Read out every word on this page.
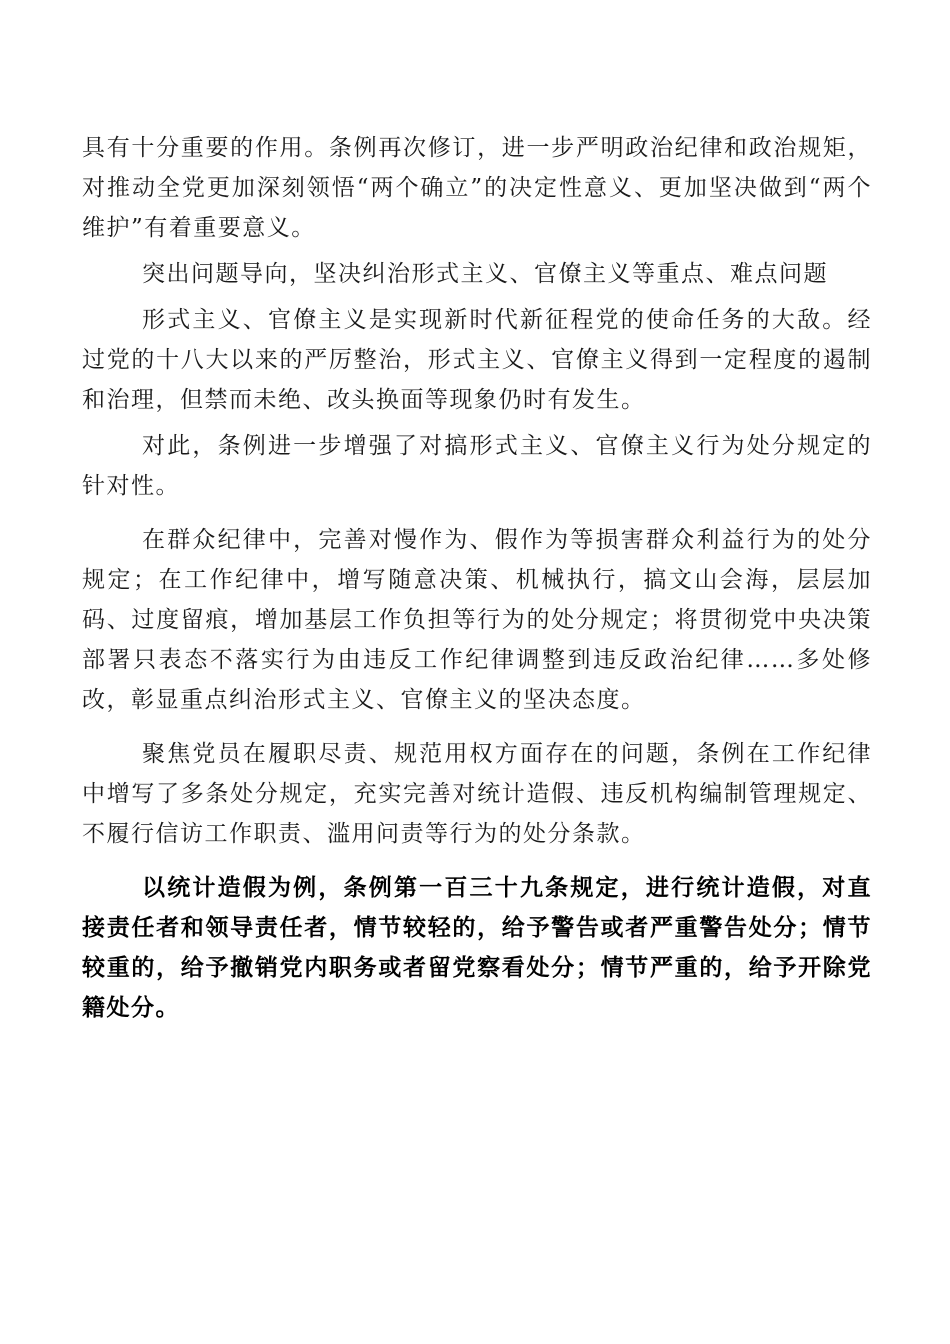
具有十分重要的作用。条例再次修订，进一步严明政治纪律和政治规矩，对推动全党更加深刻领悟“两个确立”的决定性意义、更加坚决做到“两个维护”有着重要意义。

突出问题导向，坚决纠治形式主义、官僚主义等重点、难点问题

形式主义、官僚主义是实现新时代新征程党的使命任务的大敌。经过党的十八大以来的严厉整治，形式主义、官僚主义得到一定程度的遏制和治理，但禁而未绝、改头换面等现象仍时有发生。

对此，条例进一步增强了对搞形式主义、官僚主义行为处分规定的针对性。

在群众纪律中，完善对慢作为、假作为等损害群众利益行为的处分规定；在工作纪律中，增写随意决策、机械执行，搞文山会海，层层加码、过度留痕，增加基层工作负担等行为的处分规定；将贯彻党中央决策部署只表态不落实行为由违反工作纪律调整到违反政治纪律……多处修改，彰显重点纠治形式主义、官僚主义的坚决态度。

聚焦党员在履职尽责、规范用权方面存在的问题，条例在工作纪律中增写了多条处分规定，充实完善对统计造假、违反机构编制管理规定、不履行信访工作职责、滥用问责等行为的处分条款。

以统计造假为例，条例第一百三十九条规定，进行统计造假，对直接责任者和领导责任者，情节较轻的，给予警告或者严重警告处分；情节较重的，给予撤销党内职务或者留党察看处分；情节严重的，给予开除党籍处分。
